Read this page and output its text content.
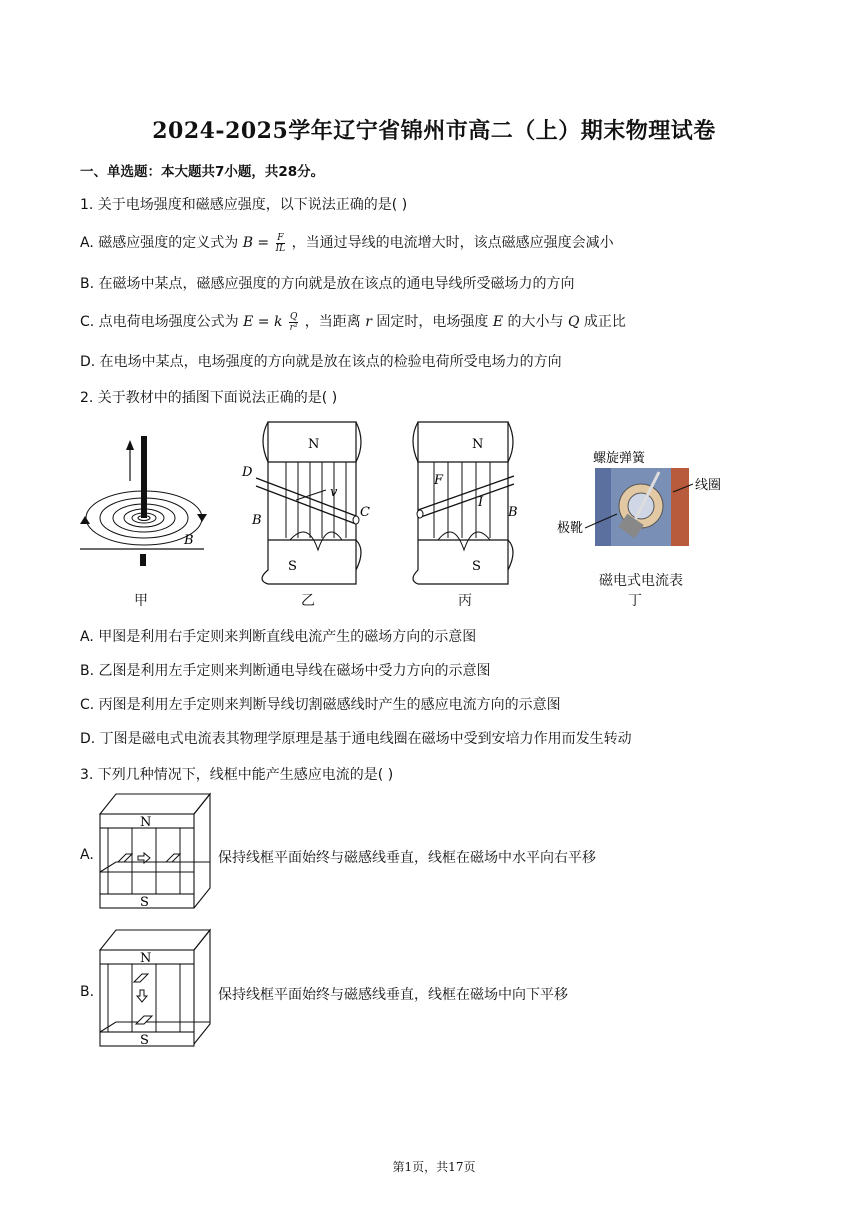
2024-2025学年辽宁省锦州市高二（上）期末物理试卷
一、单选题：本大题共7小题，共28分。
1. 关于电场强度和磁感应强度，以下说法正确的是( )
A. 磁感应强度的定义式为 $B = \frac{F}{IL}$ ，当通过导线的电流增大时，该点磁感应强度会减小
B. 在磁场中某点，磁感应强度的方向就是放在该点的通电导线所受磁场力的方向
C. 点电荷电场强度公式为 E = k $\frac{Q}{\text{r²}}$ ，当距离 r 固定时，电场强度 E 的大小与 Q 成正比
D. 在电场中某点，电场强度的方向就是放在该点的检验电荷所受电场力的方向
2. 关于教材中的插图下面说法正确的是( )
B
N
S
D
C
v
B
N
S
F
I
B
螺旋弹簧
线圈
极靴
甲	乙	丙
磁电式电流表
丁
A. 甲图是利用右手定则来判断直线电流产生的磁场方向的示意图
B. 乙图是利用左手定则来判断通电导线在磁场中受力方向的示意图
C. 丙图是利用左手定则来判断导线切割磁感线时产生的感应电流方向的示意图
D. 丁图是磁电式电流表其物理学原理是基于通电线圈在磁场中受到安培力作用而发生转动
3. 下列几种情况下，线框中能产生感应电流的是( )
A.
N
S
保持线框平面始终与磁感线垂直，线框在磁场中水平向右平移
B.
N
S
保持线框平面始终与磁感线垂直，线框在磁场中向下平移
第1页，共17页
